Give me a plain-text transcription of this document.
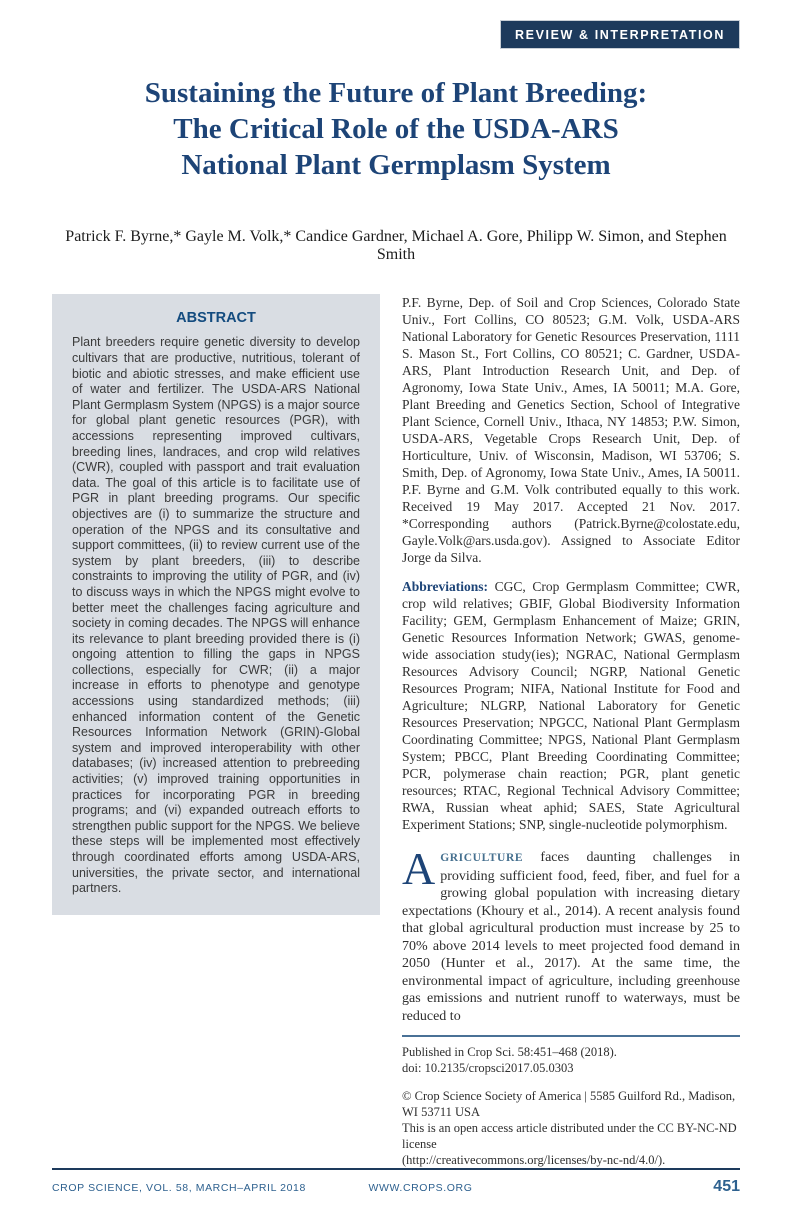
REVIEW & INTERPRETATION
Sustaining the Future of Plant Breeding:
The Critical Role of the USDA-ARS
National Plant Germplasm System
Patrick F. Byrne,* Gayle M. Volk,* Candice Gardner, Michael A. Gore, Philipp W. Simon, and Stephen Smith
ABSTRACT
Plant breeders require genetic diversity to develop cultivars that are productive, nutritious, tolerant of biotic and abiotic stresses, and make efficient use of water and fertilizer. The USDA-ARS National Plant Germplasm System (NPGS) is a major source for global plant genetic resources (PGR), with accessions representing improved cultivars, breeding lines, landraces, and crop wild relatives (CWR), coupled with passport and trait evaluation data. The goal of this article is to facilitate use of PGR in plant breeding programs. Our specific objectives are (i) to summarize the structure and operation of the NPGS and its consultative and support committees, (ii) to review current use of the system by plant breeders, (iii) to describe constraints to improving the utility of PGR, and (iv) to discuss ways in which the NPGS might evolve to better meet the challenges facing agriculture and society in coming decades. The NPGS will enhance its relevance to plant breeding provided there is (i) ongoing attention to filling the gaps in NPGS collections, especially for CWR; (ii) a major increase in efforts to phenotype and genotype accessions using standardized methods; (iii) enhanced information content of the Genetic Resources Information Network (GRIN)-Global system and improved interoperability with other databases; (iv) increased attention to prebreeding activities; (v) improved training opportunities in practices for incorporating PGR in breeding programs; and (vi) expanded outreach efforts to strengthen public support for the NPGS. We believe these steps will be implemented most effectively through coordinated efforts among USDA-ARS, universities, the private sector, and international partners.

P.F. Byrne, Dep. of Soil and Crop Sciences, Colorado State Univ., Fort Collins, CO 80523; G.M. Volk, USDA-ARS National Laboratory for Genetic Resources Preservation, 1111 S. Mason St., Fort Collins, CO 80521; C. Gardner, USDA-ARS, Plant Introduction Research Unit, and Dep. of Agronomy, Iowa State Univ., Ames, IA 50011; M.A. Gore, Plant Breeding and Genetics Section, School of Integrative Plant Science, Cornell Univ., Ithaca, NY 14853; P.W. Simon, USDA-ARS, Vegetable Crops Research Unit, Dep. of Horticulture, Univ. of Wisconsin, Madison, WI 53706; S. Smith, Dep. of Agronomy, Iowa State Univ., Ames, IA 50011. P.F. Byrne and G.M. Volk contributed equally to this work. Received 19 May 2017. Accepted 21 Nov. 2017. *Corresponding authors (Patrick.Byrne@colostate.edu, Gayle.Volk@ars.usda.gov). Assigned to Associate Editor Jorge da Silva.

Abbreviations: CGC, Crop Germplasm Committee; CWR, crop wild relatives; GBIF, Global Biodiversity Information Facility; GEM, Germplasm Enhancement of Maize; GRIN, Genetic Resources Information Network; GWAS, genome-wide association study(ies); NGRAC, National Germplasm Resources Advisory Council; NGRP, National Genetic Resources Program; NIFA, National Institute for Food and Agriculture; NLGRP, National Laboratory for Genetic Resources Preservation; NPGCC, National Plant Germplasm Coordinating Committee; NPGS, National Plant Germplasm System; PBCC, Plant Breeding Coordinating Committee; PCR, polymerase chain reaction; PGR, plant genetic resources; RTAC, Regional Technical Advisory Committee; RWA, Russian wheat aphid; SAES, State Agricultural Experiment Stations; SNP, single-nucleotide polymorphism.

AGRICULTURE faces daunting challenges in providing sufficient food, feed, fiber, and fuel for a growing global population with increasing dietary expectations (Khoury et al., 2014). A recent analysis found that global agricultural production must increase by 25 to 70% above 2014 levels to meet projected food demand in 2050 (Hunter et al., 2017). At the same time, the environmental impact of agriculture, including greenhouse gas emissions and nutrient runoff to waterways, must be reduced to

Published in Crop Sci. 58:451–468 (2018).
doi: 10.2135/cropsci2017.05.0303
© Crop Science Society of America | 5585 Guilford Rd., Madison, WI 53711 USA
This is an open access article distributed under the CC BY-NC-ND license
(http://creativecommons.org/licenses/by-nc-nd/4.0/).
CROP SCIENCE, VOL. 58, MARCH–APRIL 2018	WWW.CROPS.ORG	451
